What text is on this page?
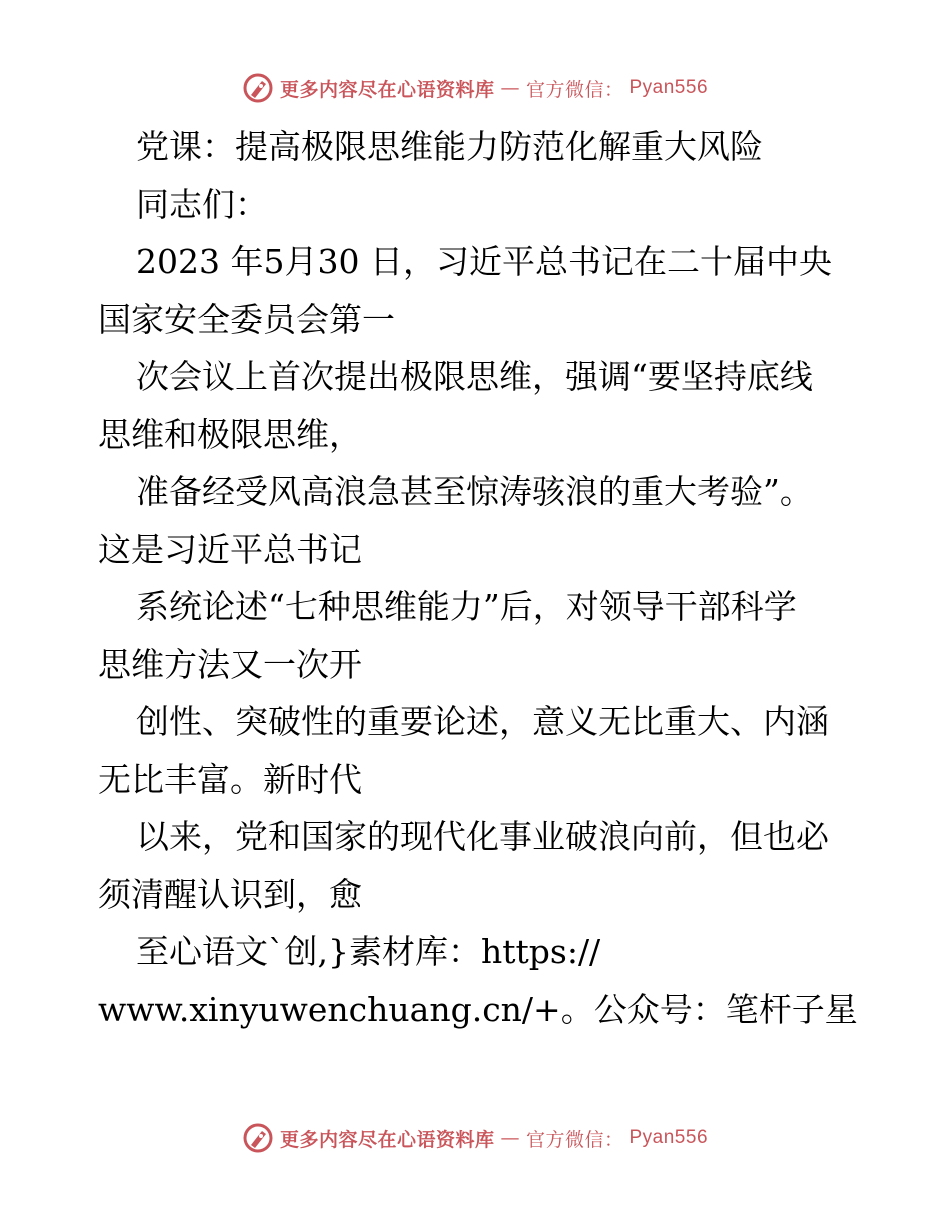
更多内容尽在心语资料库 — 官方微信： Pyan556
党课：提高极限思维能力防范化解重大风险
同志们：
2023 年5月30 日，习近平总书记在二十届中央
国家安全委员会第一
次会议上首次提出极限思维，强调“要坚持底线
思维和极限思维，
准备经受风高浪急甚至惊涛骇浪的重大考验”。
这是习近平总书记
系统论述“七种思维能力”后，对领导干部科学
思维方法又一次开
创性、突破性的重要论述，意义无比重大、内涵
无比丰富。新时代
以来，党和国家的现代化事业破浪向前，但也必
须清醒认识到，愈
至心语文`创,}素材库：https://
www.xinyuwenchuang.cn/+。公众号：笔杆子星
更多内容尽在心语资料库 — 官方微信： Pyan556
